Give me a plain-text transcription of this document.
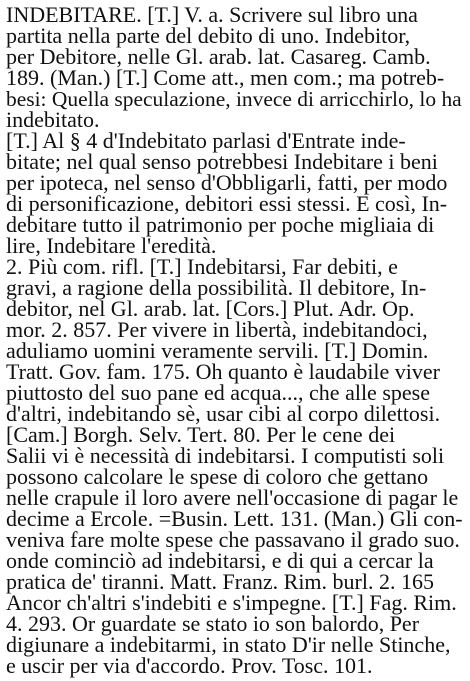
INDEBITARE. [T.] V. a. Scrivere sul libro una
partita nella parte del debito di uno. Indebitor,
per Debitore, nelle Gl. arab. lat. Casareg. Camb.
189. (Man.) [T.] Come att., men com.; ma potreb-
besi: Quella speculazione, invece di arricchirlo, lo ha
indebitato.
[T.] Al § 4 d'Indebitato parlasi d'Entrate inde-
bitate; nel qual senso potrebbesi Indebitare i beni
per ipoteca, nel senso d'Obbligarli, fatti, per modo
di personificazione, debitori essi stessi. E così, In-
debitare tutto il patrimonio per poche migliaia di
lire, Indebitare l'eredità.
2. Più com. rifl. [T.] Indebitarsi, Far debiti, e
gravi, a ragione della possibilità. Il debitore, In-
debitor, nel Gl. arab. lat. [Cors.] Plut. Adr. Op.
mor. 2. 857. Per vivere in libertà, indebitandoci,
aduliamo uomini veramente servili. [T.] Domin.
Tratt. Gov. fam. 175. Oh quanto è laudabile viver
piuttosto del suo pane ed acqua..., che alle spese
d'altri, indebitando sè, usar cibi al corpo dilettosi.
[Cam.] Borgh. Selv. Tert. 80. Per le cene dei
Salii vi è necessità di indebitarsi. I computisti soli
possono calcolare le spese di coloro che gettano
nelle crapule il loro avere nell'occasione di pagar le
decime a Ercole. =Busin. Lett. 131. (Man.) Gli con-
veniva fare molte spese che passavano il grado suo.
onde cominciò ad indebitarsi, e di qui a cercar la
pratica de' tiranni. Matt. Franz. Rim. burl. 2. 165
Ancor ch'altri s'indebiti e s'impegne. [T.] Fag. Rim.
4. 293. Or guardate se stato io son balordo, Per
digiunare a indebitarmi, in stato D'ir nelle Stinche,
e uscir per via d'accordo. Prov. Tosc. 101.
